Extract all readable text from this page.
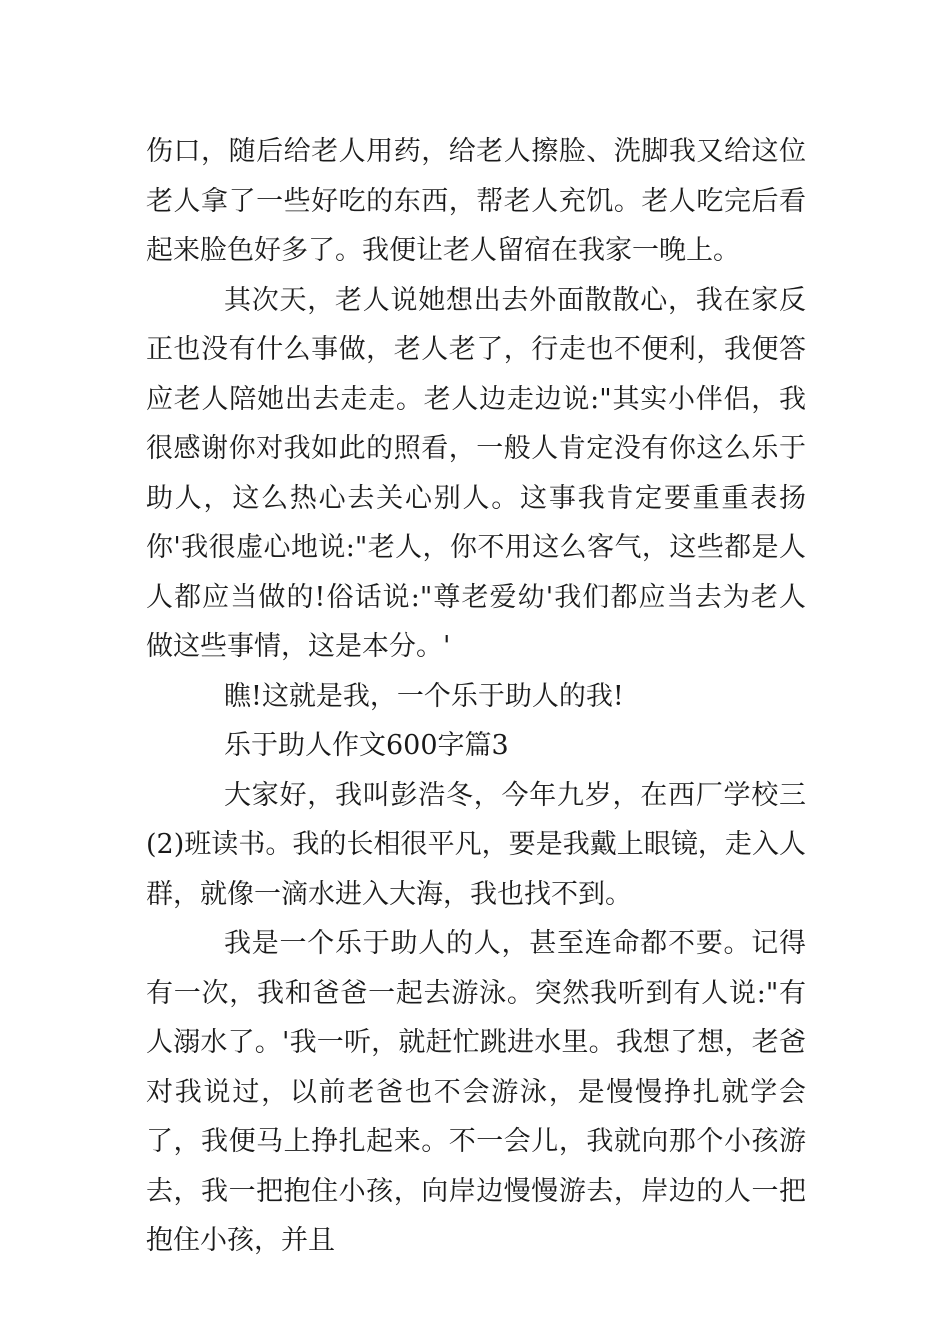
伤口，随后给老人用药，给老人擦脸、洗脚我又给这位老人拿了一些好吃的东西，帮老人充饥。老人吃完后看起来脸色好多了。我便让老人留宿在我家一晚上。

其次天，老人说她想出去外面散散心，我在家反正也没有什么事做，老人老了，行走也不便利，我便答应老人陪她出去走走。老人边走边说:"其实小伴侣，我很感谢你对我如此的照看，一般人肯定没有你这么乐于助人，这么热心去关心别人。这事我肯定要重重表扬你'我很虚心地说:"老人，你不用这么客气，这些都是人人都应当做的!俗话说:"尊老爱幼'我们都应当去为老人做这些事情，这是本分。'

瞧!这就是我，一个乐于助人的我!

乐于助人作文600字篇3

大家好，我叫彭浩冬，今年九岁，在西厂学校三(2)班读书。我的长相很平凡，要是我戴上眼镜，走入人群，就像一滴水进入大海，我也找不到。

我是一个乐于助人的人，甚至连命都不要。记得有一次，我和爸爸一起去游泳。突然我听到有人说:"有人溺水了。'我一听，就赶忙跳进水里。我想了想，老爸对我说过，以前老爸也不会游泳，是慢慢挣扎就学会了，我便马上挣扎起来。不一会儿，我就向那个小孩游去，我一把抱住小孩，向岸边慢慢游去，岸边的人一把抱住小孩，并且
